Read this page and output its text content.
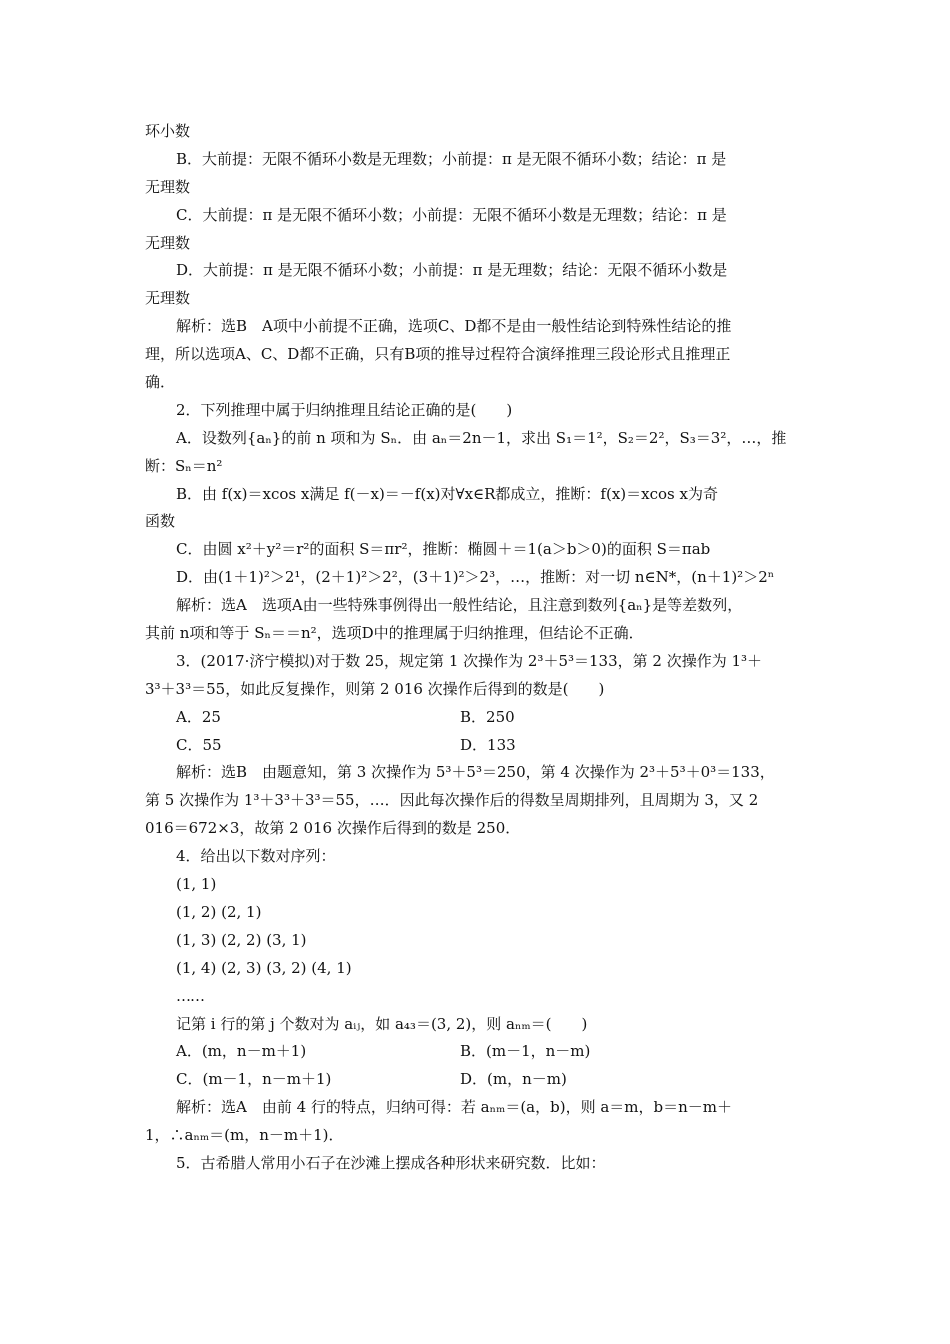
环小数
B．大前提：无限不循环小数是无理数；小前提：π 是无限不循环小数；结论：π 是
无理数
C．大前提：π 是无限不循环小数；小前提：无限不循环小数是无理数；结论：π 是
无理数
D．大前提：π 是无限不循环小数；小前提：π 是无理数；结论：无限不循环小数是
无理数
解析：选B　A项中小前提不正确，选项C、D都不是由一般性结论到特殊性结论的推
理，所以选项A、C、D都不正确，只有B项的推导过程符合演绎推理三段论形式且推理正
确．
2．下列推理中属于归纳推理且结论正确的是(　　)
A．设数列{aₙ}的前 n 项和为 Sₙ．由 aₙ＝2n－1，求出 S₁＝1²，S₂＝2²，S₃＝3²，…，推
断：Sₙ＝n²
B．由 f(x)＝xcos x满足 f(－x)＝－f(x)对∀x∈R都成立，推断：f(x)＝xcos x为奇
函数
C．由圆 x²＋y²＝r²的面积 S＝πr²，推断：椭圆＋＝1(a＞b＞0)的面积 S＝πab
D．由(1＋1)²＞2¹，(2＋1)²＞2²，(3＋1)²＞2³，…，推断：对一切 n∈N*，(n＋1)²＞2ⁿ
解析：选A　选项A由一些特殊事例得出一般性结论，且注意到数列{aₙ}是等差数列，
其前 n项和等于 Sₙ＝＝n²，选项D中的推理属于归纳推理，但结论不正确．
3．(2017·济宁模拟)对于数 25，规定第 1 次操作为 2³＋5³＝133，第 2 次操作为 1³＋
3³＋3³＝55，如此反复操作，则第 2 016 次操作后得到的数是(　　)
A．25	B．250
C．55	D．133
解析：选B　由题意知，第 3 次操作为 5³＋5³＝250，第 4 次操作为 2³＋5³＋0³＝133，
第 5 次操作为 1³＋3³＋3³＝55，…．因此每次操作后的得数呈周期排列，且周期为 3，又 2
016＝672×3，故第 2 016 次操作后得到的数是 250．
4．给出以下数对序列：
(1, 1)
(1, 2) (2, 1)
(1, 3) (2, 2) (3, 1)
(1, 4) (2, 3) (3, 2) (4, 1)
……
记第 i 行的第 j 个数对为 aᵢⱼ，如 a₄₃＝(3, 2)，则 aₙₘ＝(　　)
A．(m，n－m＋1)	B．(m－1，n－m)
C．(m－1，n－m＋1)	D．(m，n－m)
解析：选A　由前 4 行的特点，归纳可得：若 aₙₘ＝(a，b)，则 a＝m，b＝n－m＋
1，∴aₙₘ＝(m，n－m＋1)．
5．古希腊人常用小石子在沙滩上摆成各种形状来研究数．比如：
